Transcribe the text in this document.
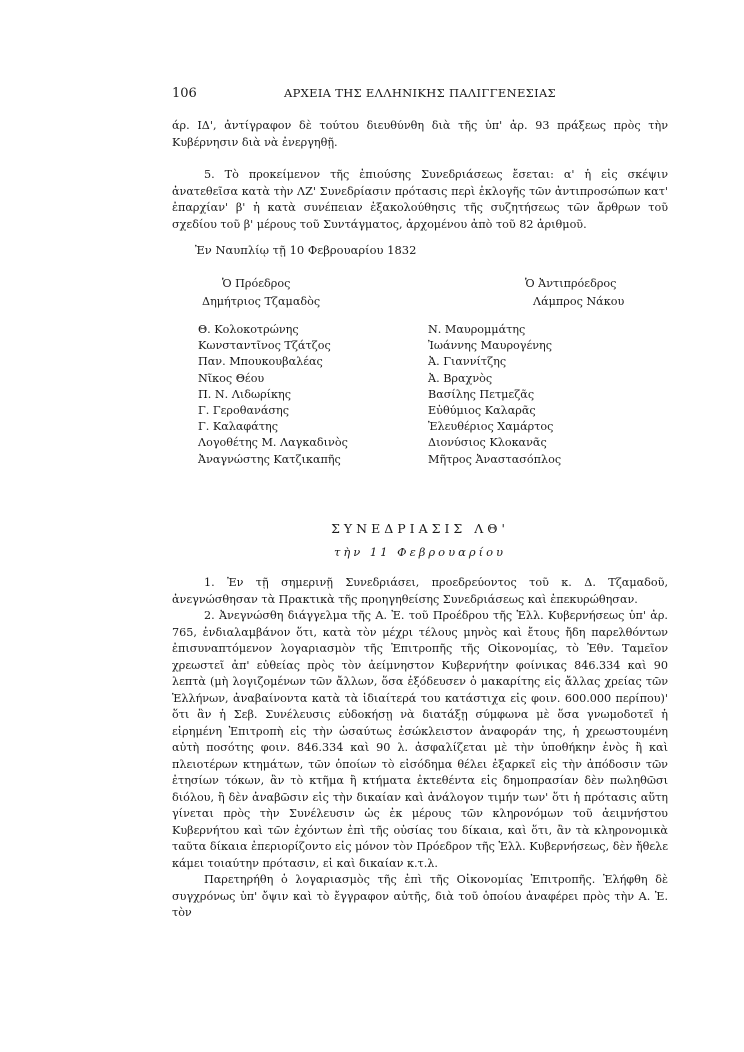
106	ΑΡΧΕΙΑ ΤΗΣ ΕΛΛΗΝΙΚΗΣ ΠΑΛΙΓΓΕΝΕΣΙΑΣ

άρ. ΙΔ', ἀντίγραφον δὲ τούτου διευθύνθη διὰ τῆς ὑπ' ἀρ. 93 πράξεως πρὸς τὴν Κυβέρνησιν διὰ νὰ ἐνεργηθῇ.

5. Τὸ προκείμενον τῆς ἐπιούσης Συνεδριάσεως ἔσεται: α' ἡ εἰς σκέψιν ἀνατεθεῖσα κατὰ τὴν ΛΖ' Συνεδρίασιν πρότασις περὶ ἐκλογῆς τῶν ἀντιπροσώπων κατ' ἐπαρχίαν' β' ἡ κατὰ συνέπειαν ἐξακολούθησις τῆς συζητήσεως τῶν ἄρθρων τοῦ σχεδίου τοῦ β' μέρους τοῦ Συντάγματος, ἀρχομένου ἀπὸ τοῦ 82 ἀριθμοῦ.

Ἐν Ναυπλίῳ τῇ 10 Φεβρουαρίου 1832
Ὁ Πρόεδρος
Δημήτριος Τζαμαδὸς
Ὁ Ἀντιπρόεδρος
Λάμπρος Νάκου
Θ. Κολοκοτρώνης
Κωνσταντῖνος Τζάτζος
Παν. Μπουκουβαλέας
Νῖκος Θέου
Π. Ν. Λιδωρίκης
Γ. Γεροθανάσης
Γ. Καλαφάτης
Λογοθέτης Μ. Λαγκαδινὸς
Ἀναγνώστης Κατζικαπῆς
Ν. Μαυρομμάτης
Ἰωάννης Μαυρογένης
Ἀ. Γιαννίτζης
Ἀ. Βραχνὸς
Βασίλης Πετμεζᾶς
Εὐθύμιος Καλαρᾶς
Ἐλευθέριος Χαμάρτος
Διονύσιος Κλοκανᾶς
Μῆτρος Ἀναστασόπλος
ΣΥΝΕΔΡΙΑΣΙΣ ΛΘ'
τὴν 11 Φεβρουαρίου

1. Ἐν τῇ σημερινῇ Συνεδριάσει, προεδρεύοντος τοῦ κ. Δ. Τζαμαδοῦ, ἀνεγνώσθησαν τὰ Πρακτικὰ τῆς προηγηθείσης Συνεδριάσεως καὶ ἐπεκυρώθησαν.

2. Ἀνεγνώσθη διάγγελμα τῆς Α. Ἐ. τοῦ Προέδρου τῆς Ἑλλ. Κυβερνήσεως ὑπ' ἀρ. 765, ἐνδιαλαμβάνον ὅτι, κατὰ τὸν μέχρι τέλους μηνὸς καὶ ἔτους ἤδη παρελθόντων ἐπισυναπτόμενον λογαριασμὸν τῆς Ἐπιτροπῆς τῆς Οἰκονομίας, τὸ Ἐθν. Ταμεῖον χρεωστεῖ ἀπ' εὐθείας πρὸς τὸν ἀείμνηστον Κυβερνήτην φοίνικας 846.334 καὶ 90 λεπτὰ (μὴ λογιζομένων τῶν ἄλλων, ὅσα ἐξόδευσεν ὁ μακαρίτης εἰς ἄλλας χρείας τῶν Ἑλλήνων, ἀναβαίνοντα κατὰ τὰ ἰδιαίτερά του κατάστιχα εἰς φοιν. 600.000 περίπου)' ὅτι ἂν ἡ Σεβ. Συνέλευσις εὐδοκήσῃ νὰ διατάξῃ σύμφωνα μὲ ὅσα γνωμοδοτεῖ ἡ εἰρημένη Ἐπιτροπὴ εἰς τὴν ὡσαύτως ἐσώκλειστον ἀναφοράν της, ἡ χρεωστουμένη αὐτὴ ποσότης φοιν. 846.334 καὶ 90 λ. ἀσφαλίζεται μὲ τὴν ὑποθήκην ἑνὸς ἢ καὶ πλειοτέρων κτημάτων, τῶν ὁποίων τὸ εἰσόδημα θέλει ἐξαρκεῖ εἰς τὴν ἀπόδοσιν τῶν ἐτησίων τόκων, ἂν τὸ κτῆμα ἢ κτήματα ἐκτεθέντα εἰς δημοπρασίαν δὲν πωληθῶσι διόλου, ἢ δὲν ἀναβῶσιν εἰς τὴν δικαίαν καὶ ἀνάλογον τιμήν των' ὅτι ἡ πρότασις αὕτη γίνεται πρὸς τὴν Συνέλευσιν ὡς ἐκ μέρους τῶν κληρονόμων τοῦ ἀειμνήστου Κυβερνήτου καὶ τῶν ἐχόντων ἐπὶ τῆς οὐσίας του δίκαια, καὶ ὅτι, ἂν τὰ κληρονομικὰ ταῦτα δίκαια ἐπεριορίζοντο εἰς μόνον τὸν Πρόεδρον τῆς Ἑλλ. Κυβερνήσεως, δὲν ἤθελε κάμει τοιαύτην πρότασιν, εἰ καὶ δικαίαν κ.τ.λ.

Παρετηρήθη ὁ λογαριασμὸς τῆς ἐπὶ τῆς Οἰκονομίας Ἐπιτροπῆς. Ἐλήφθη δὲ συγχρόνως ὑπ' ὄψιν καὶ τὸ ἔγγραφον αὐτῆς, διὰ τοῦ ὁποίου ἀναφέρει πρὸς τὴν Α. Ἐ. τὸν
